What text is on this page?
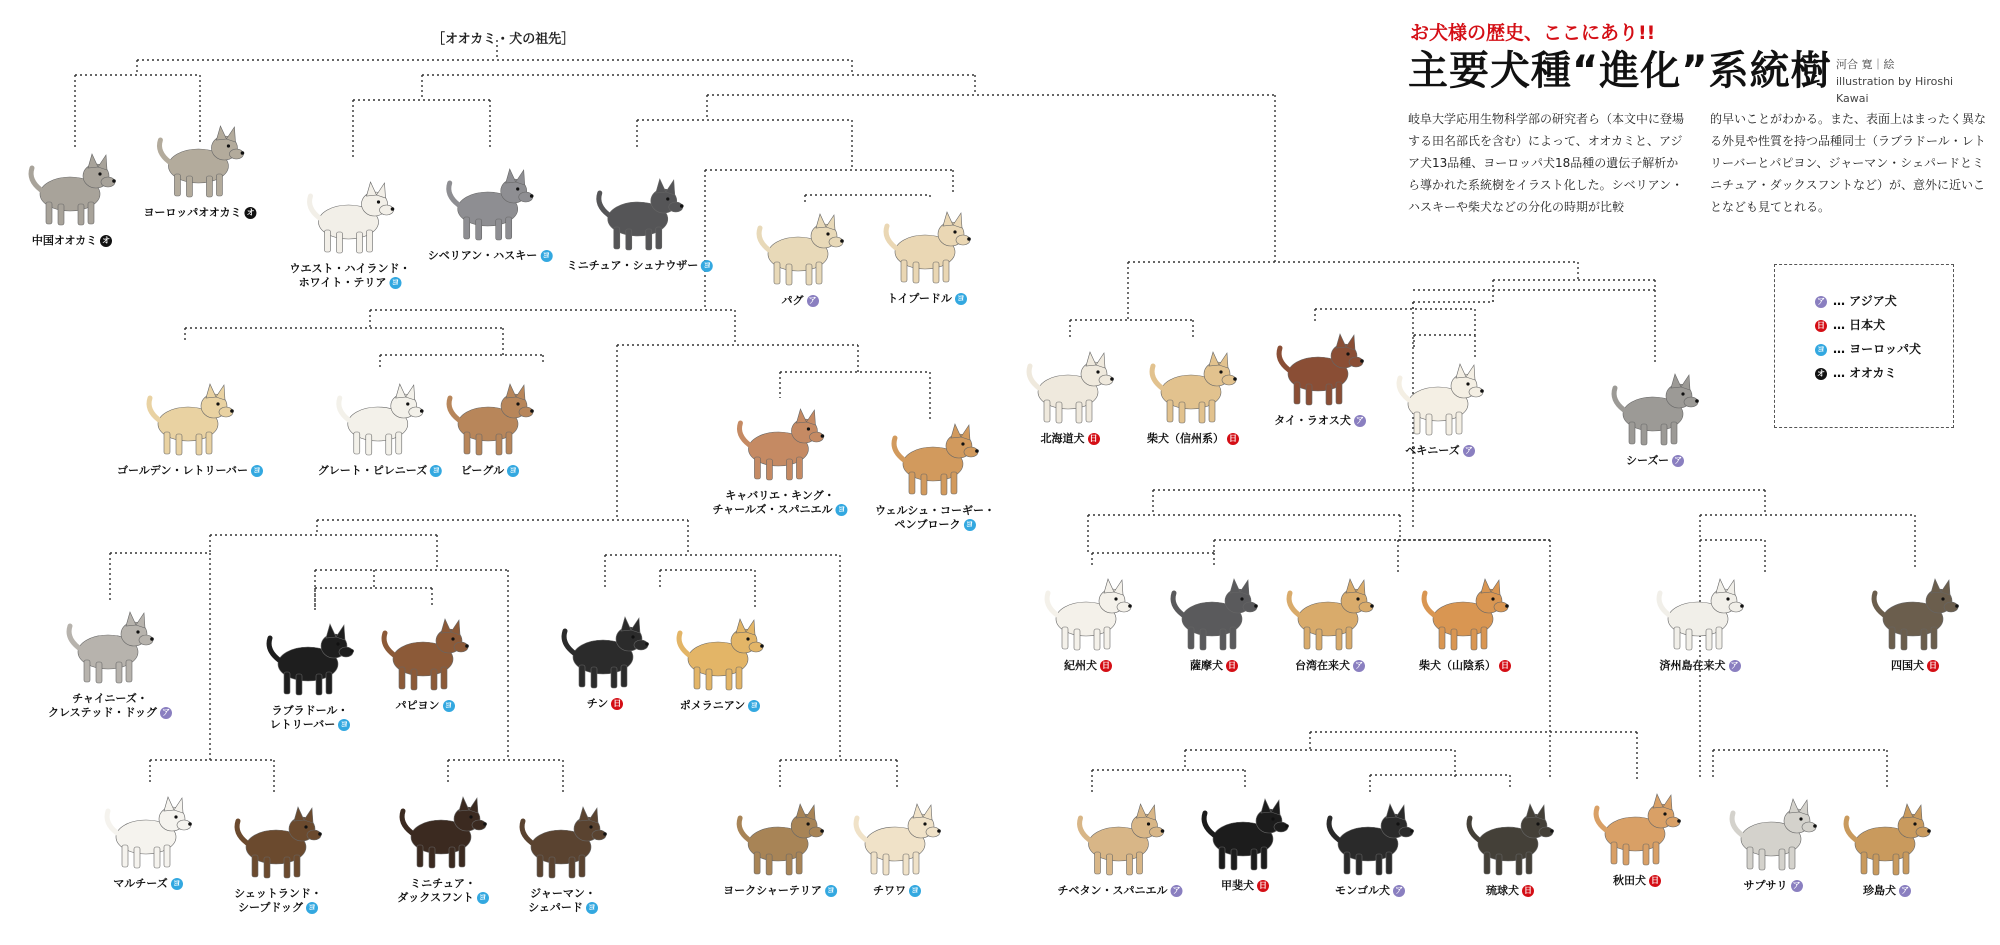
［オオカミ・犬の祖先］	お犬様の歴史、ここにあり!!
主要犬種“進化”系統樹 河合 寛｜絵
illustration by Hiroshi Kawai

岐阜大学応用生物科学部の研究者ら（本文中に登場する田名部氏を含む）によって、オオカミと、アジア犬13品種、ヨーロッパ犬18品種の遺伝子解析から導かれた系統樹をイラスト化した。シベリアン・ハスキーや柴犬などの分化の時期が比較

的早いことがわかる。また、表面上はまったく異なる外見や性質を持つ品種同士（ラブラドール・レトリーバーとパピヨン、ジャーマン・シェパードとミニチュア・ダックスフントなど）が、意外に近いことなども見てとれる。

ア … アジア犬
日 … 日本犬
ヨ … ヨーロッパ犬
オ … オオカミ
中国オオカミ オ
ヨーロッパオオカミ オ
ウエスト・ハイランド・
ホワイト・テリア ヨ
シベリアン・ハスキー ヨ
ミニチュア・シュナウザー ヨ
パグ ア	トイプードル ヨ
ゴールデン・レトリーバー ヨ	グレート・ピレニーズ ヨ ビーグル ヨ
キャバリエ・キング・
チャールズ・スパニエル ヨ	ウェルシュ・コーギー・
ペンブローク ヨ
チャイニーズ・
クレステッド・ドッグ ア	ラブラドール・
レトリーバー ヨ
パピヨン ヨ	チン 日	ポメラニアン ヨ
マルチーズ ヨ
シェットランド・
シープドッグ ヨ
ミニチュア・
ダックスフント ヨ	ジャーマン・
シェパード ヨ
ヨークシャーテリア ヨ	チワワ ヨ
北海道犬 日	柴犬（信州系） 日
タイ・ラオス犬 ア
ペキニーズ ア
シーズー ア
紀州犬 日	薩摩犬 日	台湾在来犬 ア	柴犬（山陰系） 日	済州島在来犬 ア	四国犬 日
チベタン・スパニエル ア	甲斐犬 日	モンゴル犬 ア	琉球犬 日
秋田犬 日	サプサリ ア	珍島犬 ア
